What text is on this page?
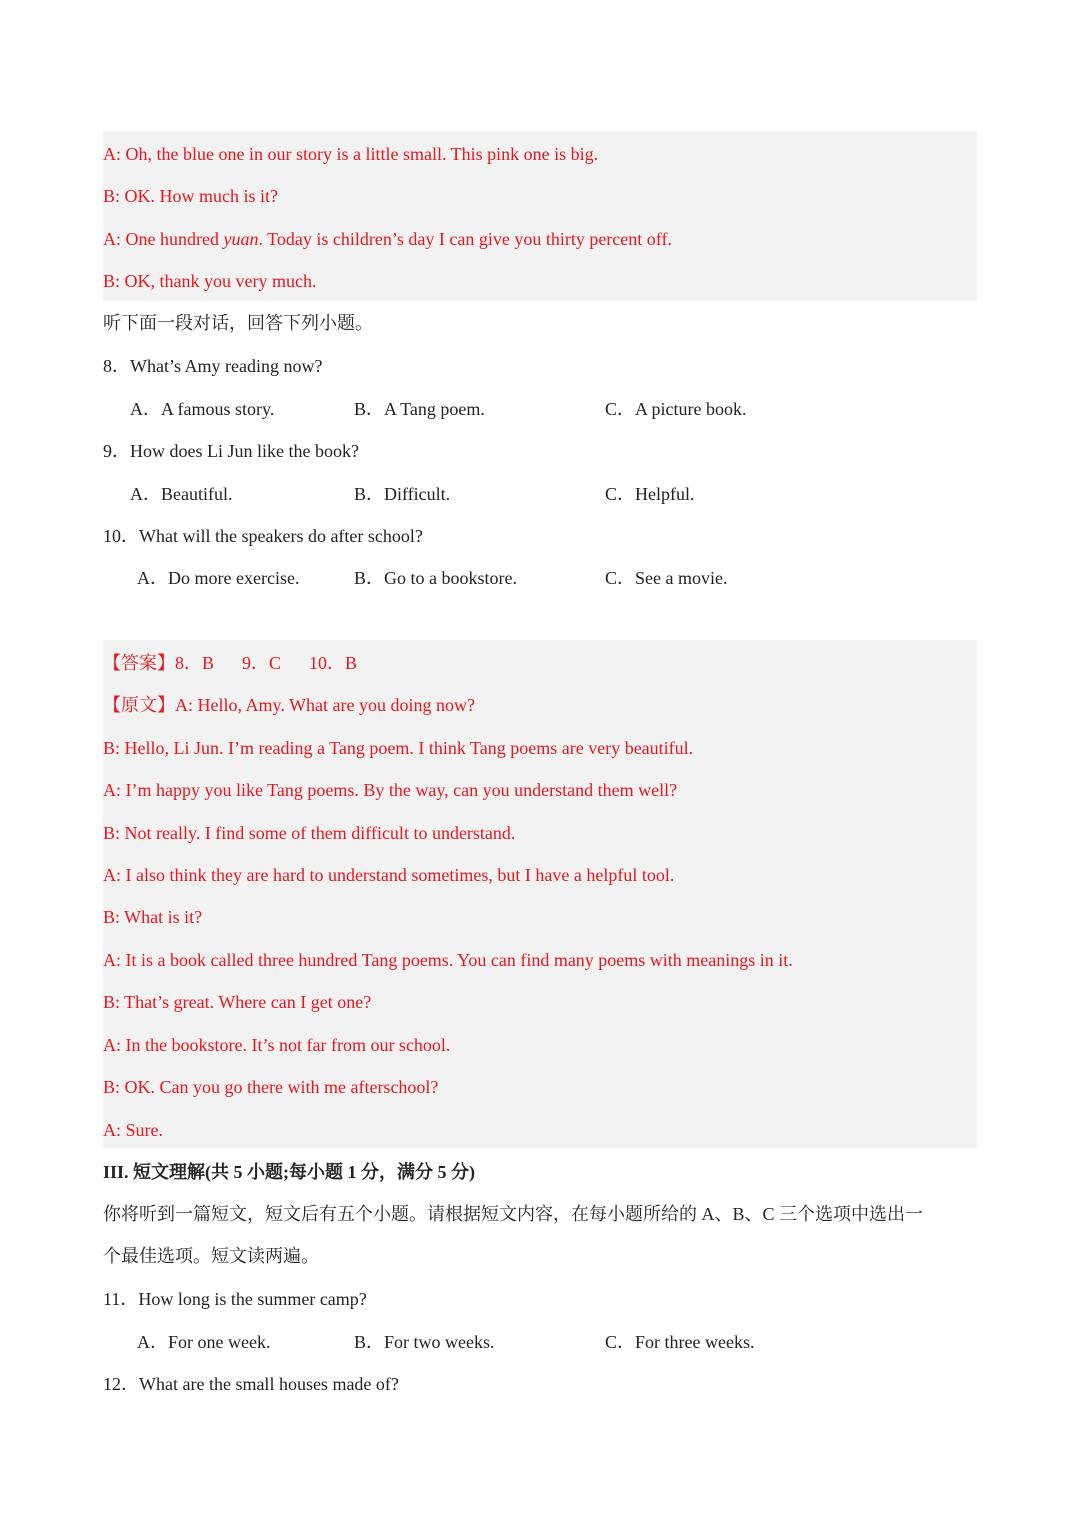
A: Oh, the blue one in our story is a little small. This pink one is big.
B: OK. How much is it?
A: One hundred yuan. Today is children’s day I can give you thirty percent off.
B: OK, thank you very much.
听下面一段对话，回答下列小题。
8．What’s Amy reading now?
A．A famous story.	B．A Tang poem.	C．A picture book.
9．How does Li Jun like the book?
A．Beautiful.	B．Difficult.	C．Helpful.
10．What will the speakers do after school?
A．Do more exercise.	B．Go to a bookstore.	C．See a movie.
【答案】8．B 9．C 10．B
【原文】A: Hello, Amy. What are you doing now?
B: Hello, Li Jun. I’m reading a Tang poem. I think Tang poems are very beautiful.
A: I’m happy you like Tang poems. By the way, can you understand them well?
B: Not really. I find some of them difficult to understand.
A: I also think they are hard to understand sometimes, but I have a helpful tool.
B: What is it?
A: It is a book called three hundred Tang poems. You can find many poems with meanings in it.
B: That’s great. Where can I get one?
A: In the bookstore. It’s not far from our school.
B: OK. Can you go there with me afterschool?
A: Sure.
III. 短文理解(共 5 小题;每小题 1 分，满分 5 分)
你将听到一篇短文，短文后有五个小题。请根据短文内容，在每小题所给的 A、B、C 三个选项中选出一
个最佳选项。短文读两遍。
11．How long is the summer camp?
A．For one week.	B．For two weeks.	C．For three weeks.
12．What are the small houses made of?
